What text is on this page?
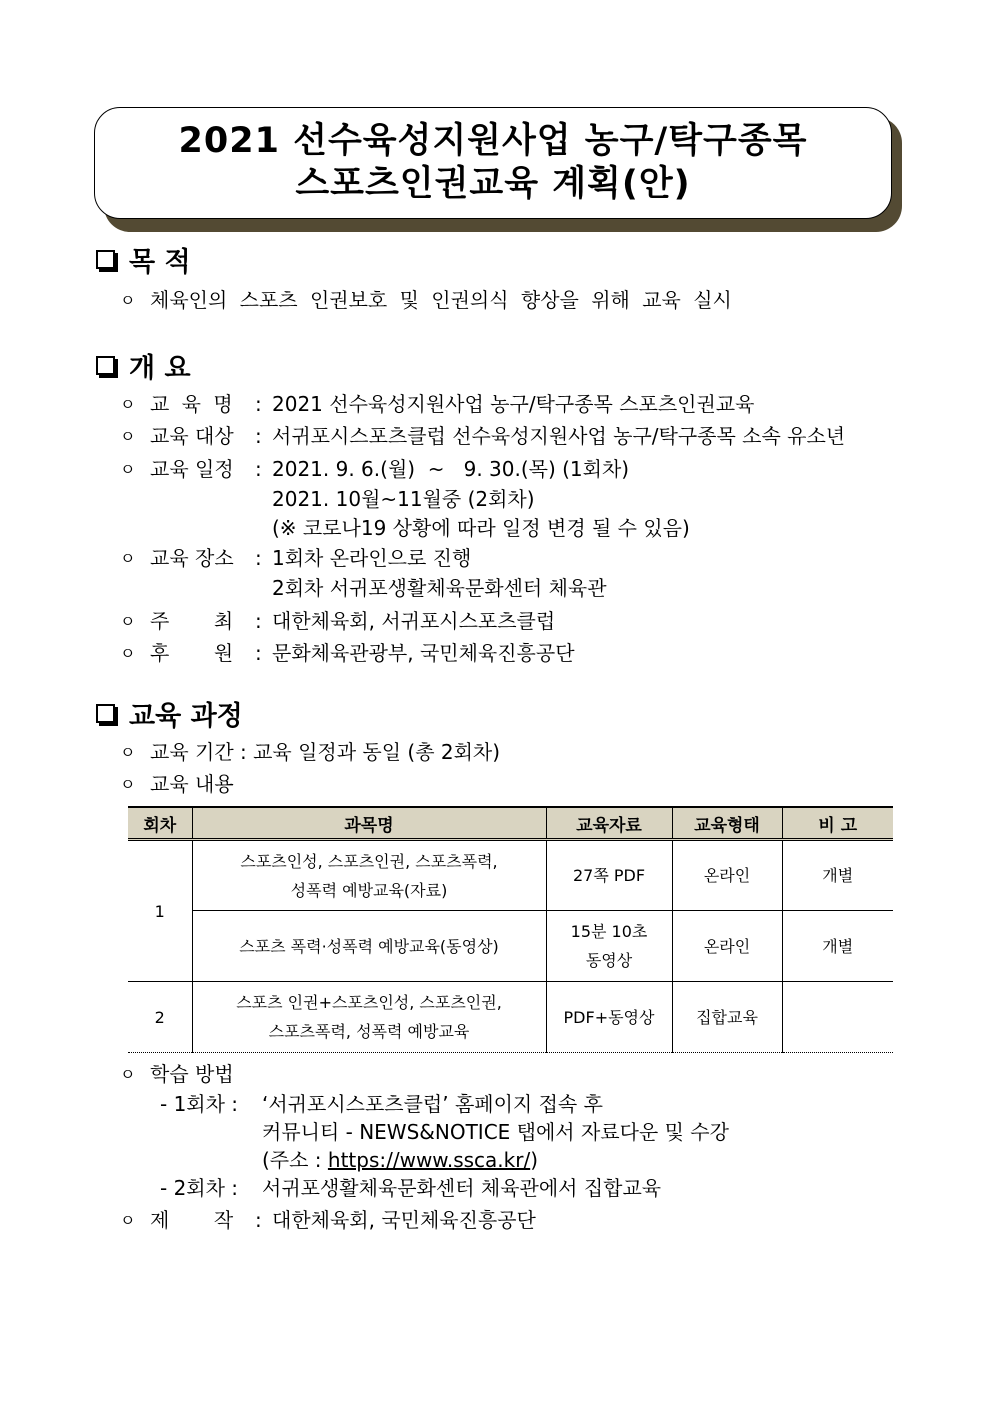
2021 선수육성지원사업 농구/탁구종목
스포츠인권교육 계획(안)
목 적
ㅇ 체육인의 스포츠 인권보호 및 인권의식 향상을 위해 교육 실시
개 요
ㅇ 교 육 명 : 2021 선수육성지원사업 농구/탁구종목 스포츠인권교육
ㅇ 교육 대상 : 서귀포시스포츠클럽 선수육성지원사업 농구/탁구종목 소속 유소년
ㅇ 교육 일정 : 2021. 9. 6.(월)  ~   9. 30.(목) (1회차)
2021. 10월~11월중 (2회차)
(※ 코로나19 상황에 따라 일정 변경 될 수 있음)
ㅇ 교육 장소 : 1회차 온라인으로 진행
2회차 서귀포생활체육문화센터 체육관
ㅇ 주       최 : 대한체육회, 서귀포시스포츠클럽
ㅇ 후       원 : 문화체육관광부, 국민체육진흥공단
교육 과정
ㅇ 교육 기간 : 교육 일정과 동일 (총 2회차)
ㅇ 교육 내용
회차	과목명	교육자료	교육형태	비 고
1	스포츠인성, 스포츠인권, 스포츠폭력,
성폭력 예방교육(자료)	27쪽 PDF	온라인	개별
	스포츠 폭력·성폭력 예방교육(동영상)	15분 10초
동영상	온라인	개별
2	스포츠 인권+스포츠인성, 스포츠인권,
스포츠폭력, 성폭력 예방교육	PDF+동영상	집합교육	
ㅇ 학습 방법
- 1회차 : ‘서귀포시스포츠클럽’ 홈페이지 접속 후
커뮤니티 - NEWS&NOTICE 탭에서 자료다운 및 수강
(주소 : https://www.ssca.kr/)
- 2회차 : 서귀포생활체육문화센터 체육관에서 집합교육
ㅇ 제       작 : 대한체육회, 국민체육진흥공단
